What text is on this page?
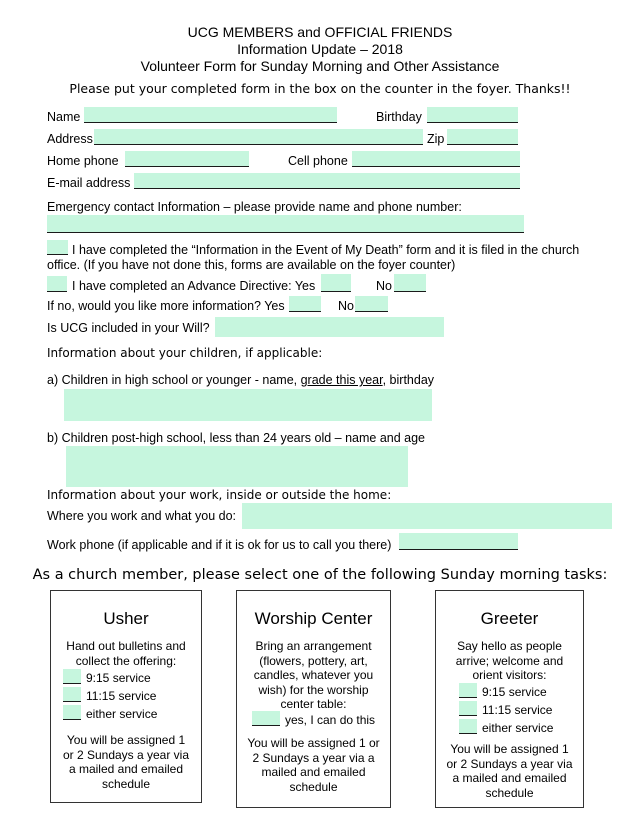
UCG MEMBERS and OFFICIAL FRIENDS
Information Update – 2018
Volunteer Form for Sunday Morning and Other Assistance
Please put your completed form in the box on the counter in the foyer. Thanks!!
Name	Birthday
Address	Zip
Home phone	Cell phone
E-mail address
Emergency contact Information – please provide name and phone number:
I have completed the “Information in the Event of My Death” form and it is filed in the church
office. (If you have not done this, forms are available on the foyer counter)
I have completed an Advance Directive: Yes	No
If no, would you like more information? Yes	No
Is UCG included in your Will?
Information about your children, if applicable:
a) Children in high school or younger - name, grade this year, birthday
b) Children post-high school, less than 24 years old – name and age
Information about your work, inside or outside the home:
Where you work and what you do:
Work phone (if applicable and if it is ok for us to call you there)
As a church member, please select one of the following Sunday morning tasks:
Usher
Hand out bulletins and collect the offering:
9:15 service
11:15 service
either service
You will be assigned 1 or 2 Sundays a year via a mailed and emailed schedule
Worship Center
Bring an arrangement (flowers, pottery, art, candles, whatever you wish) for the worship center table:
yes, I can do this
You will be assigned 1 or 2 Sundays a year via a mailed and emailed schedule
Greeter
Say hello as people arrive; welcome and orient visitors:
9:15 service
11:15 service
either service
You will be assigned 1 or 2 Sundays a year via a mailed and emailed schedule
